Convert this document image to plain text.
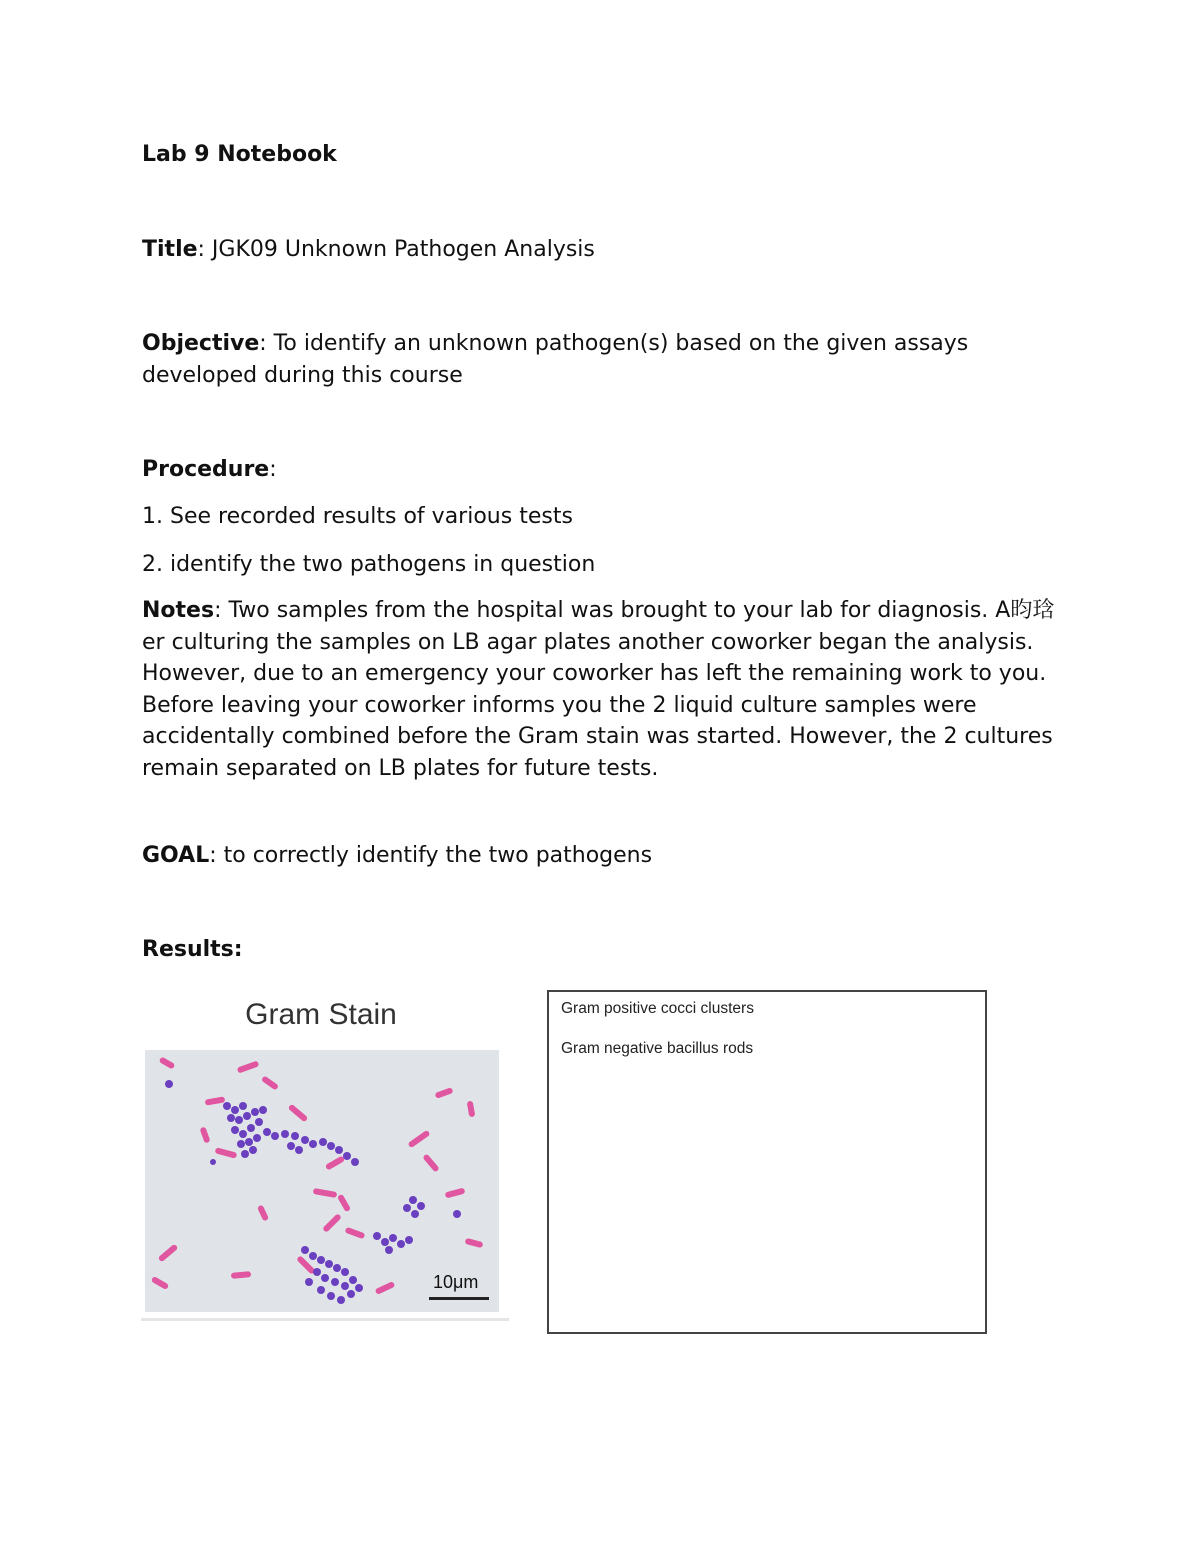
Lab 9 Notebook
Title: JGK09 Unknown Pathogen Analysis
Objective: To identify an unknown pathogen(s) based on the given assays developed during this course
Procedure:
1. See recorded results of various tests
2. identify the two pathogens in question
Notes: Two samples from the hospital was brought to your lab for diagnosis. A昀琀er culturing the samples on LB agar plates another coworker began the analysis. However, due to an emergency your coworker has left the remaining work to you. Before leaving your coworker informs you the 2 liquid culture samples were accidentally combined before the Gram stain was started. However, the 2 cultures remain separated on LB plates for future tests.
GOAL: to correctly identify the two pathogens
Results:
Gram Stain
10μm
Gram positive cocci clusters
Gram negative bacillus rods
